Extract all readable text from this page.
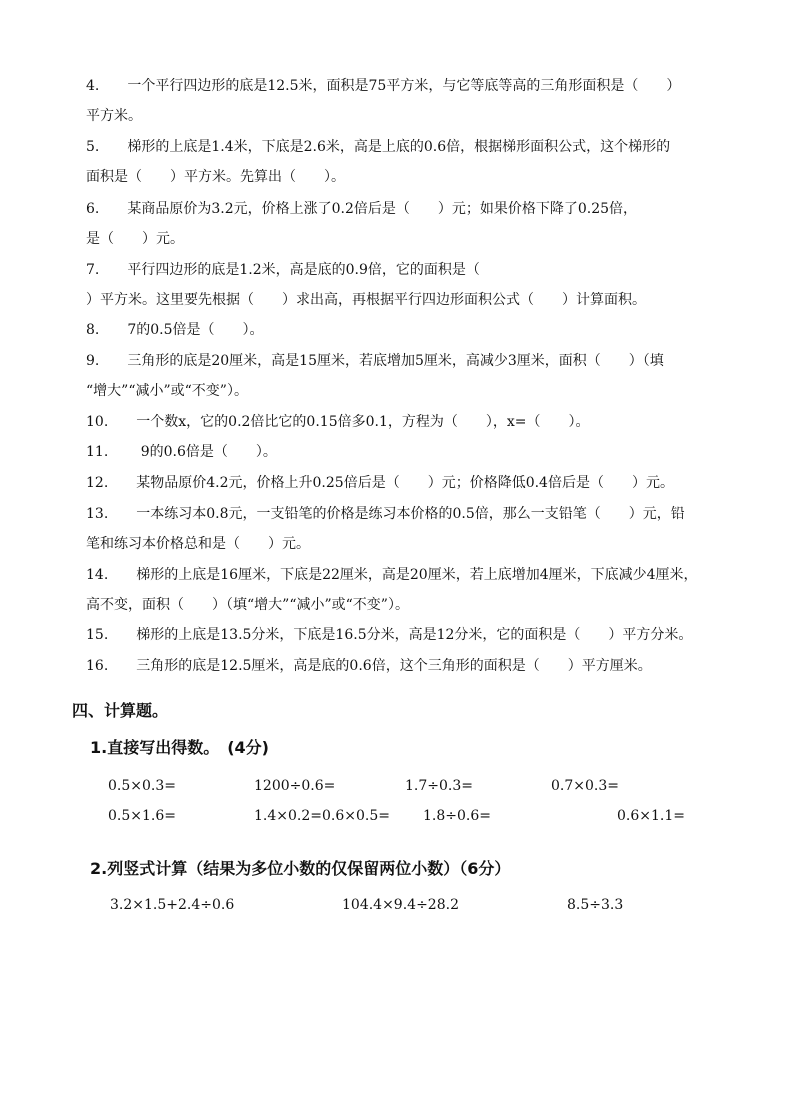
4.　　一个平行四边形的底是12.5米，面积是75平方米，与它等底等高的三角形面积是（　　）
平方米。
5.　　梯形的上底是1.4米，下底是2.6米，高是上底的0.6倍，根据梯形面积公式，这个梯形的
面积是（　　）平方米。先算出（　　）。
6.　　某商品原价为3.2元，价格上涨了0.2倍后是（　　）元；如果价格下降了0.25倍，
是（　　）元。
7.　　平行四边形的底是1.2米，高是底的0.9倍，它的面积是（
）平方米。这里要先根据（　　）求出高，再根据平行四边形面积公式（　　）计算面积。
8.　　7的0.5倍是（　　）。
9.　　三角形的底是20厘米，高是15厘米，若底增加5厘米，高减少3厘米，面积（　　）（填
“增大”“减小”或“不变”）。
10.　　一个数x，它的0.2倍比它的0.15倍多0.1，方程为（　　），x=（　　）。
11.　　 9的0.6倍是（　　）。
12.　　某物品原价4.2元，价格上升0.25倍后是（　　）元；价格降低0.4倍后是（　　）元。
13.　　一本练习本0.8元，一支铅笔的价格是练习本价格的0.5倍，那么一支铅笔（　　）元，铅
笔和练习本价格总和是（　　）元。
14.　　梯形的上底是16厘米，下底是22厘米，高是20厘米，若上底增加4厘米，下底减少4厘米，
高不变，面积（　　）（填“增大”“减小”或“不变”）。
15.　　梯形的上底是13.5分米，下底是16.5分米，高是12分米，它的面积是（　　）平方分米。
16.　　三角形的底是12.5厘米，高是底的0.6倍，这个三角形的面积是（　　）平方厘米。
四、计算题。
1.直接写出得数。　(4分)
0.5×0.3=	1200÷0.6=	1.7÷0.3=	0.7×0.3=
0.5×1.6=	1.4×0.2=0.6×0.5= 1.8÷0.6=	0.6×1.1=
2.列竖式计算（结果为多位小数的仅保留两位小数）（6分）
3.2×1.5+2.4÷0.6	104.4×9.4÷28.2	8.5÷3.3
